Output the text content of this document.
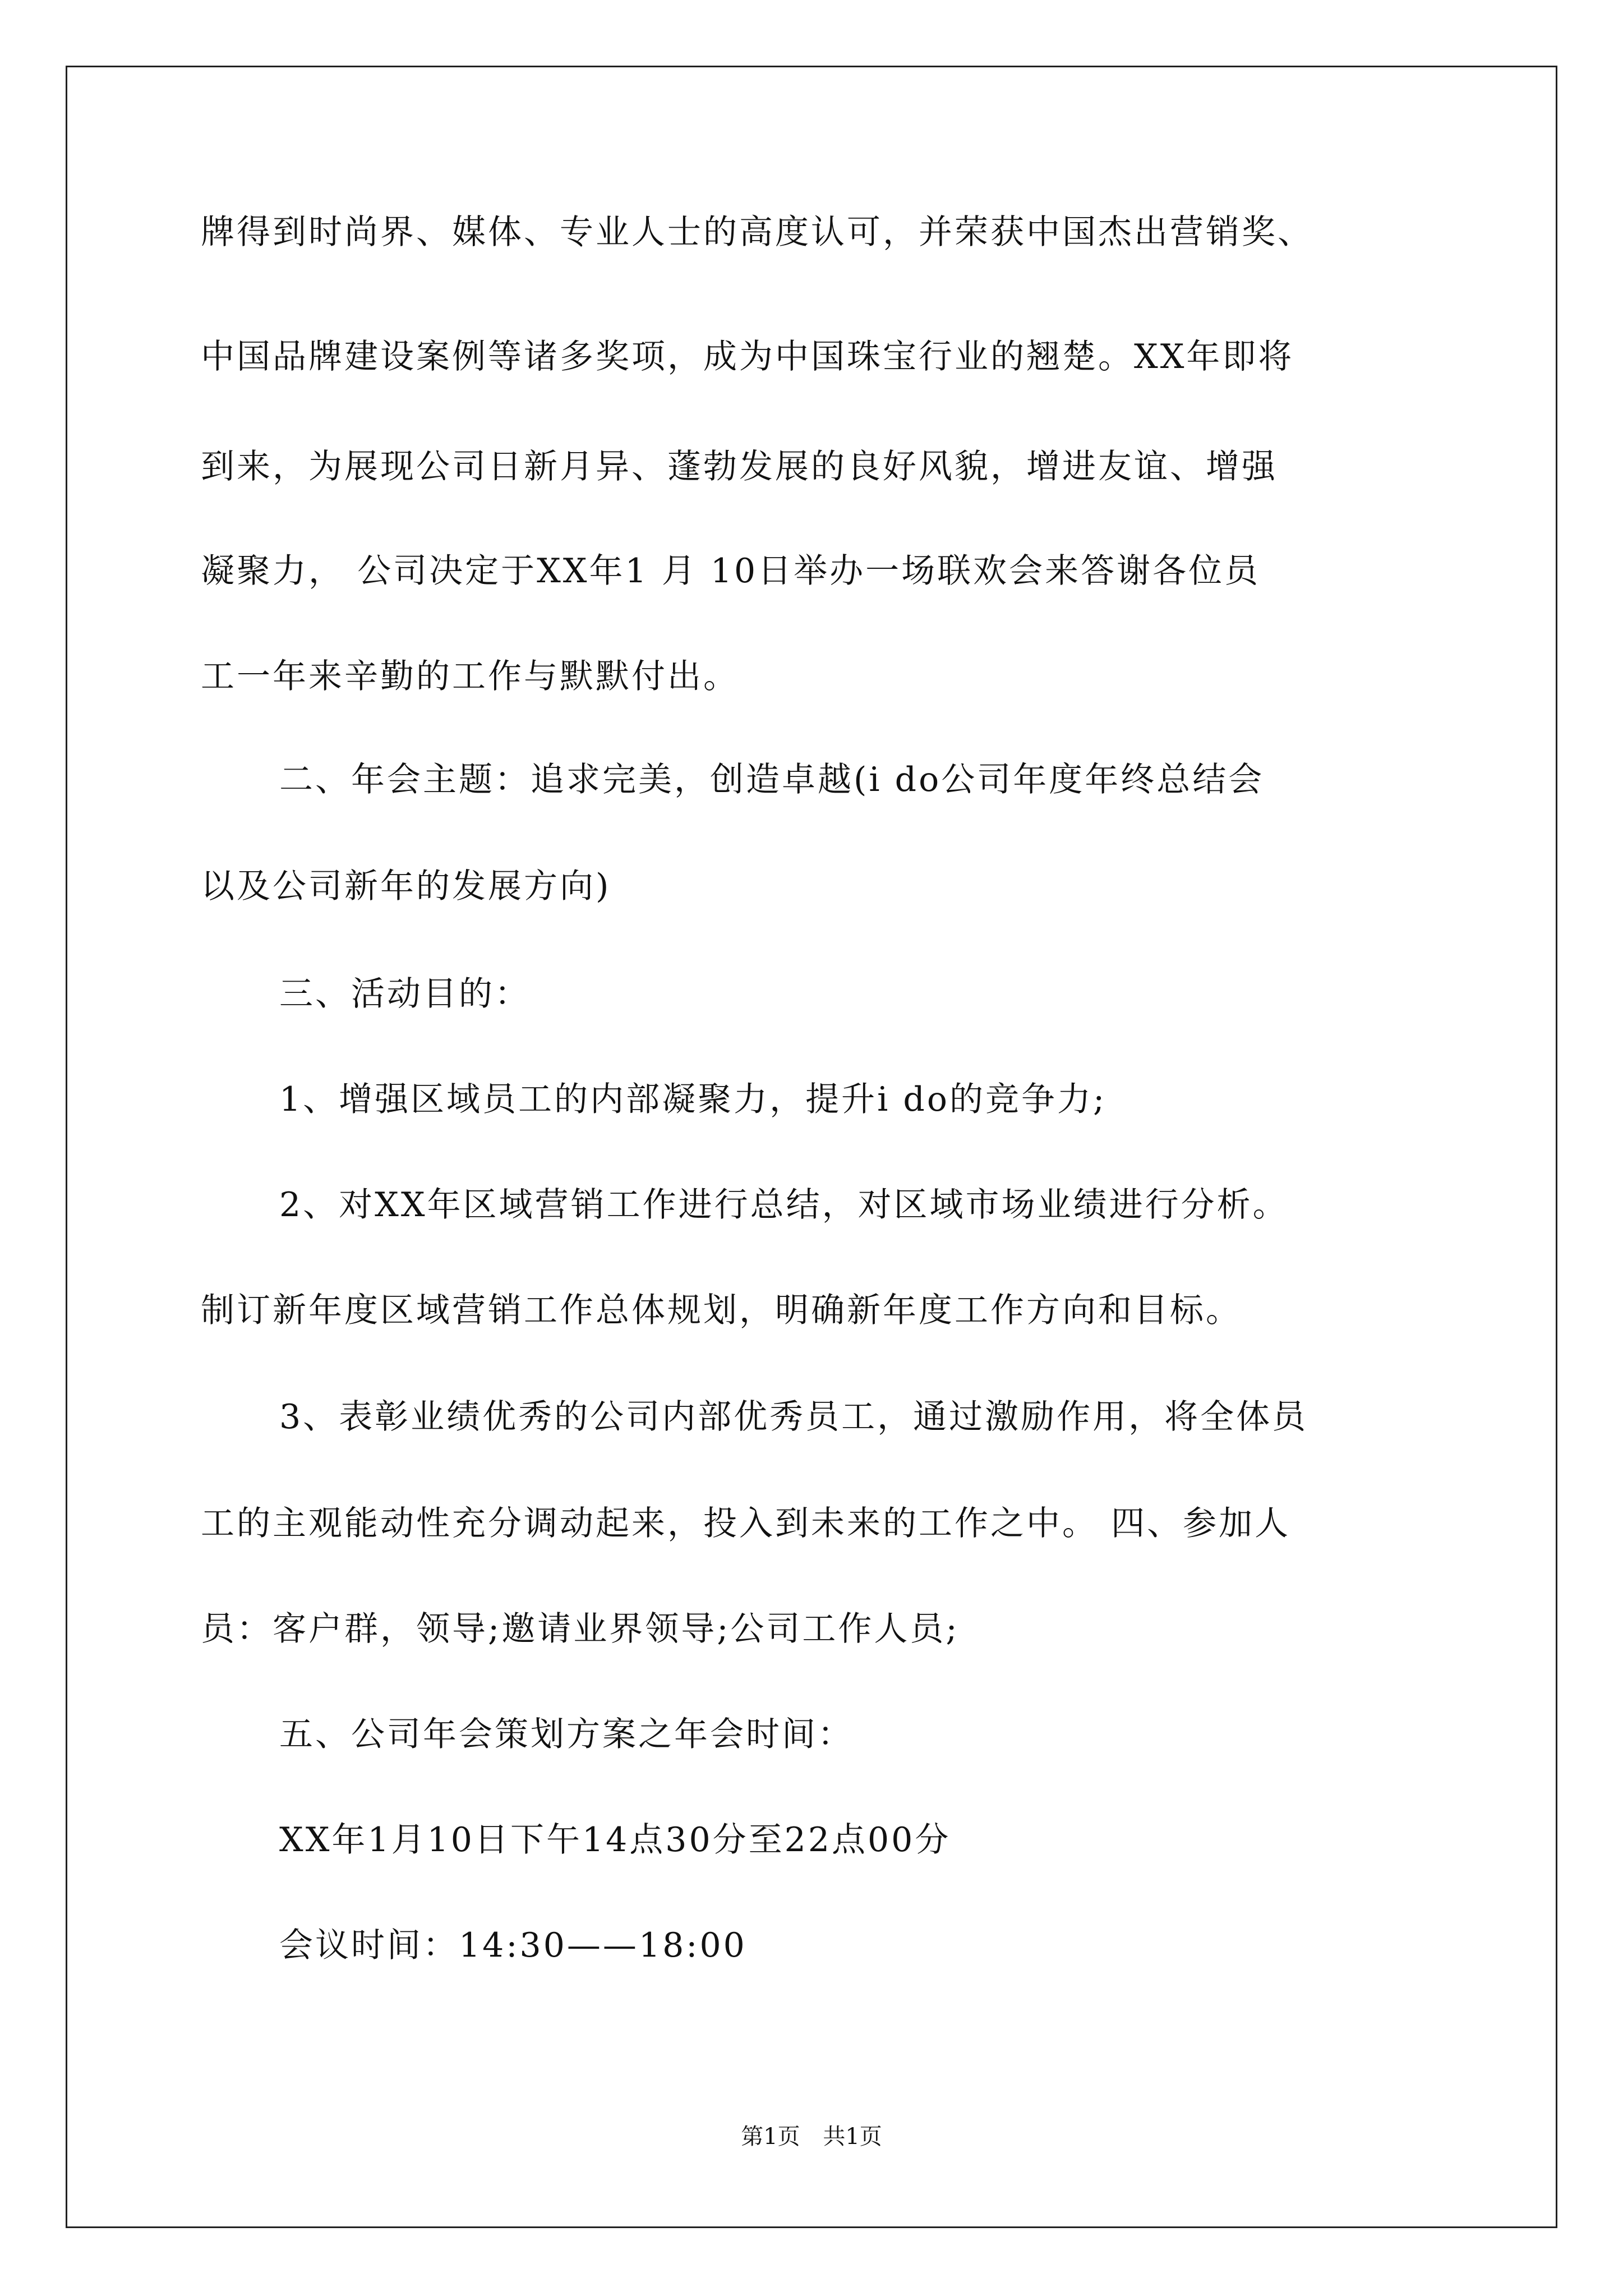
牌得到时尚界、媒体、专业人士的高度认可，并荣获中国杰出营销奖、
中国品牌建设案例等诸多奖项，成为中国珠宝行业的翘楚。XX年即将
到来，为展现公司日新月异、蓬勃发展的良好风貌，增进友谊、增强
凝聚力， 公司决定于XX年1 月 10日举办一场联欢会来答谢各位员
工一年来辛勤的工作与默默付出。
二、年会主题：追求完美，创造卓越(i do公司年度年终总结会
以及公司新年的发展方向)
三、活动目的：
1、增强区域员工的内部凝聚力，提升i do的竞争力;
2、对XX年区域营销工作进行总结，对区域市场业绩进行分析。
制订新年度区域营销工作总体规划，明确新年度工作方向和目标。
3、表彰业绩优秀的公司内部优秀员工，通过激励作用，将全体员
工的主观能动性充分调动起来，投入到未来的工作之中。 四、参加人
员：客户群，领导;邀请业界领导;公司工作人员;
五、公司年会策划方案之年会时间：
XX年1月10日下午14点30分至22点00分
会议时间：14:30——18:00
第1页 共1页
